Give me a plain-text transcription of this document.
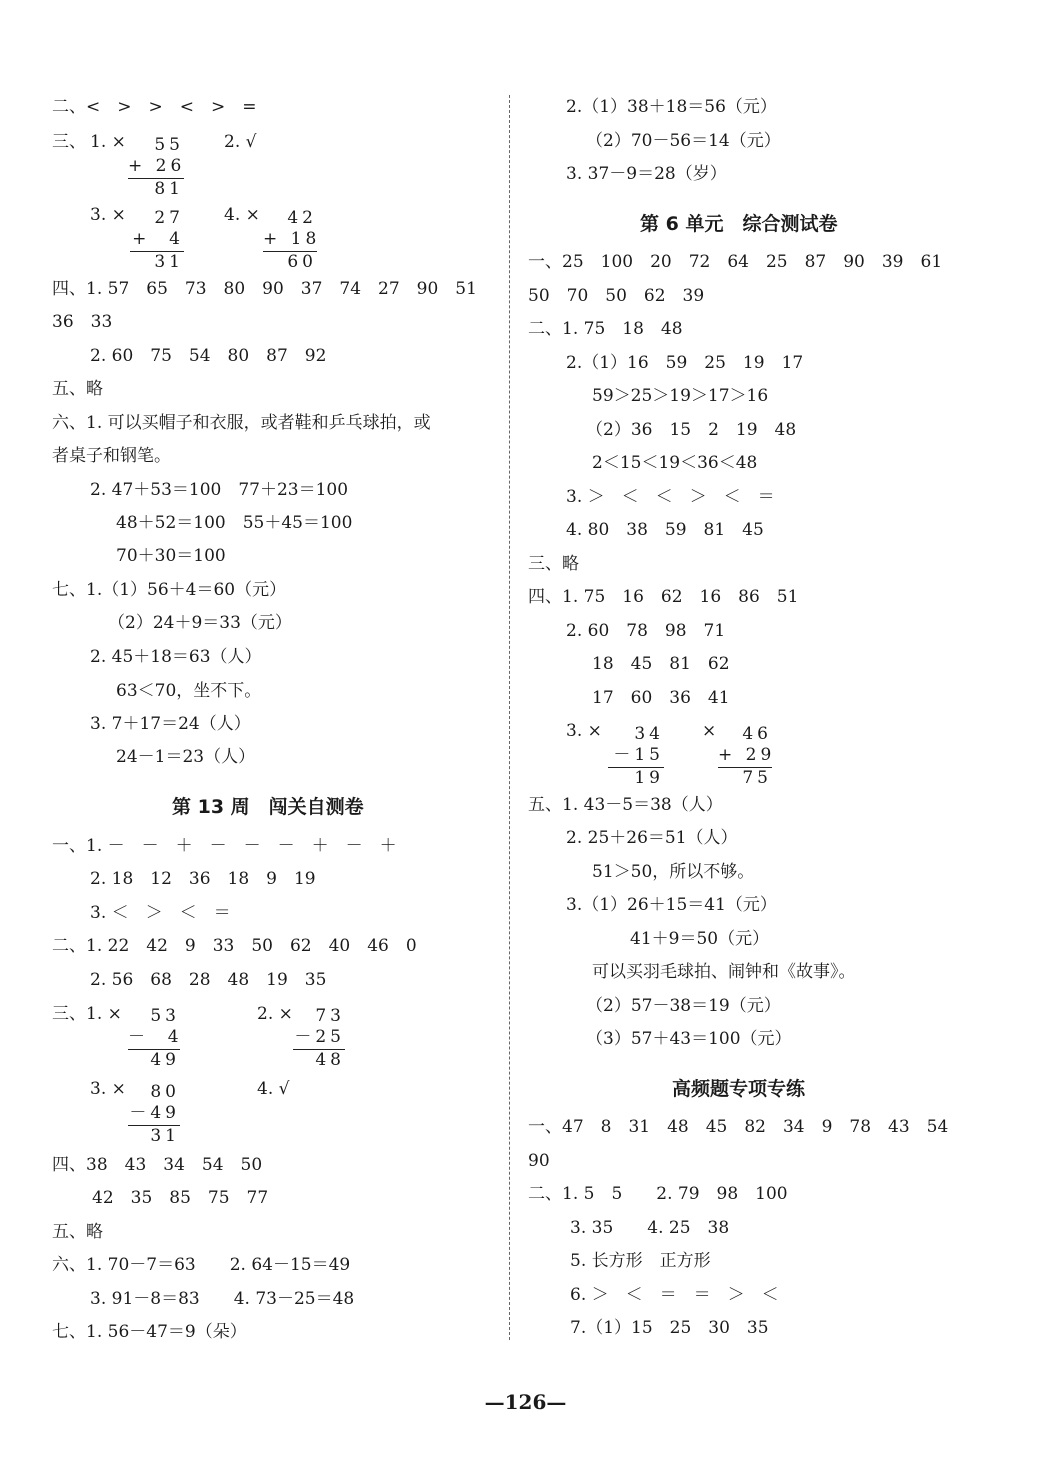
二、<　>　>　<　>　=
三、 1. ×	55
+ 26
81
2. √
3. ×	27
+  4
31
4. ×	42
+ 18
60
四、1. 57　65　73　80　90　37　74　27　90　51
36　33
2. 60　75　54　80　87　92
五、略
六、1. 可以买帽子和衣服，或者鞋和乒乓球拍，或
者桌子和钢笔。
2. 47＋53＝100　77＋23＝100
48＋52＝100　55＋45＝100
70＋30＝100
七、1.（1）56＋4＝60（元）
（2）24＋9＝33（元）
2. 45＋18＝63（人）
63＜70，坐不下。
3. 7＋17＝24（人）
24－1＝23（人）
第 13 周　闯关自测卷
一、1. －　－　＋　－　－　－　＋　－　＋
2. 18　12　36　18　9　19
3. ＜　＞　＜　＝
二、1. 22　42　9　33　50　62　40　46　0
2. 56　68　28　48　19　35
三、1. ×	53
－  4
49
2. ×	73
－25
48
3. ×	80
－49
31
4. √
四、38　43　34　54　50
42　35　85　75　77
五、略
六、1. 70－7＝63　　2. 64－15＝49
3. 91－8＝83　　4. 73－25＝48
七、1. 56－47＝9（朵）
2.（1）38＋18＝56（元）
（2）70－56＝14（元）
3. 37－9＝28（岁）
第 6 单元　综合测试卷
一、25　100　20　72　64　25　87　90　39　61
50　70　50　62　39
二、1. 75　18　48
2.（1）16　59　25　19　17
59＞25＞19＞17＞16
（2）36　15　2　19　48
2＜15＜19＜36＜48
3. ＞　＜　＜　＞　＜　＝
4. 80　38　59　81　45
三、略
四、1. 75　16　62　16　86　51
2. 60　78　98　71
18　45　81　62
17　60　36　41
3. ×	34
－15
19
×	46
+ 29
75
五、1. 43－5＝38（人）
2. 25＋26＝51（人）
51＞50，所以不够。
3.（1）26＋15＝41（元）
41＋9＝50（元）
可以买羽毛球拍、闹钟和《故事》。
（2）57－38＝19（元）
（3）57＋43＝100（元）
高频题专项专练
一、47　8　31　48　45　82　34　9　78　43　54
90
二、1. 5　5　　2. 79　98　100
3. 35　　4. 25　38
5. 长方形　正方形
6. ＞　＜　＝　＝　＞　＜
7.（1）15　25　30　35
—126—
